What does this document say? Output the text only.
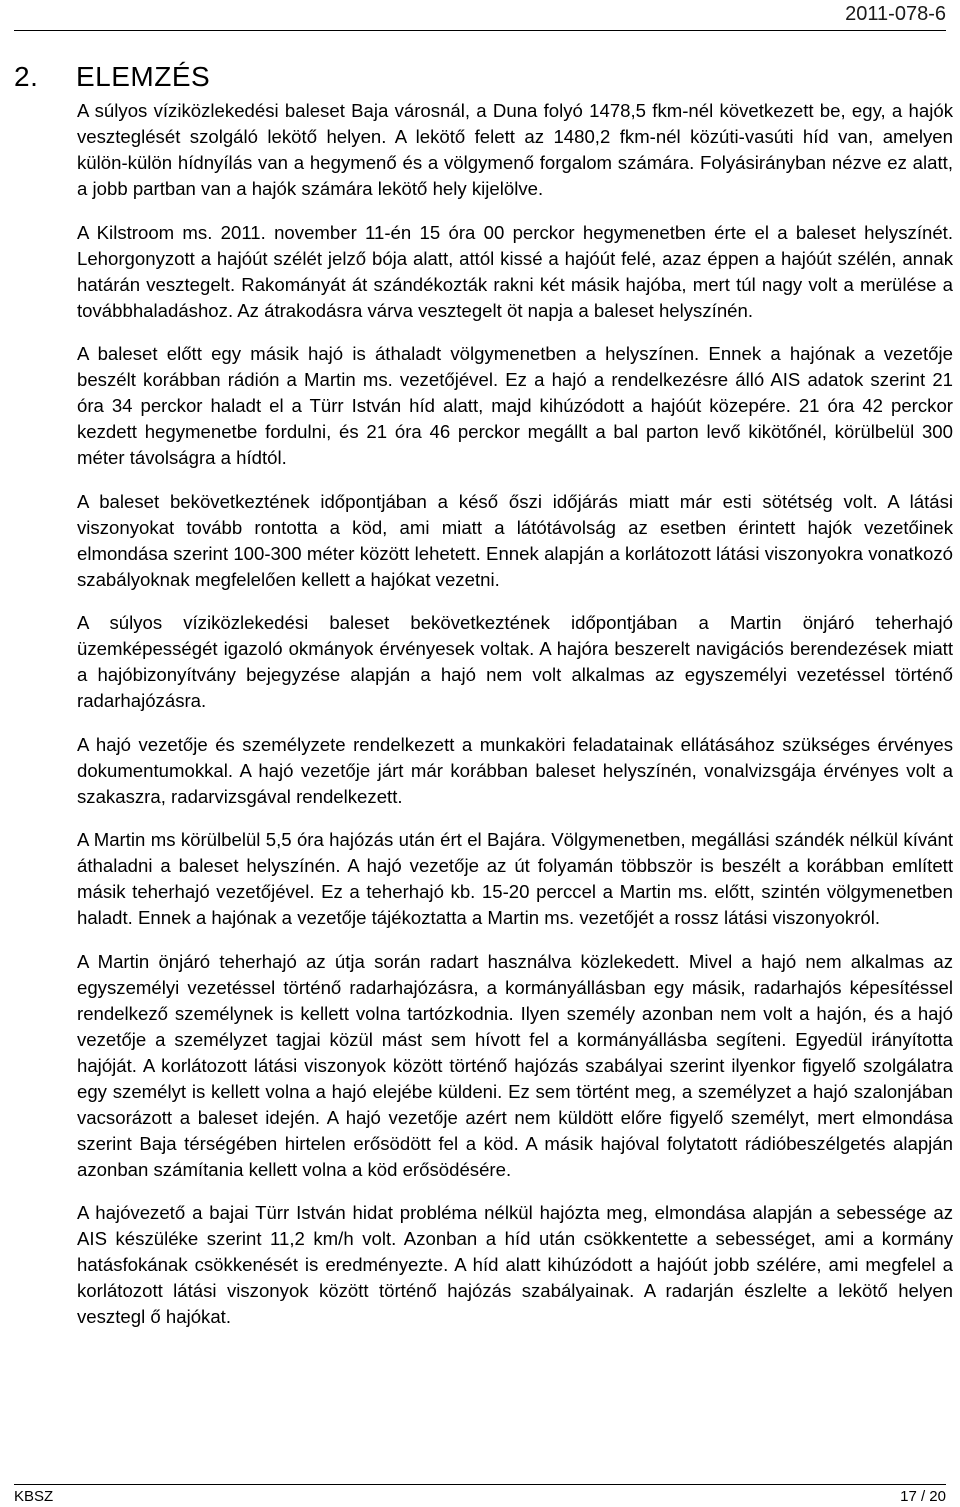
2011-078-6
2. ELEMZÉS

A súlyos víziközlekedési baleset Baja városnál, a Duna folyó 1478,5 fkm-nél következett be, egy, a hajók veszteglését szolgáló lekötő helyen. A lekötő felett az 1480,2 fkm-nél közúti-vasúti híd van, amelyen külön-külön hídnyílás van a hegymenő és a völgymenő forgalom számára. Folyásirányban nézve ez alatt, a jobb partban van a hajók számára lekötő hely kijelölve.

A Kilstroom ms. 2011. november 11-én 15 óra 00 perckor hegymenetben érte el a baleset helyszínét. Lehorgonyzott a hajóút szélét jelző bója alatt, attól kissé a hajóút felé, azaz éppen a hajóút szélén, annak határán vesztegelt. Rakományát át szándékozták rakni két másik hajóba, mert túl nagy volt a merülése a továbbhaladáshoz. Az átrakodásra várva vesztegelt öt napja a baleset helyszínén.

A baleset előtt egy másik hajó is áthaladt völgymenetben a helyszínen. Ennek a hajónak a vezetője beszélt korábban rádión a Martin ms. vezetőjével. Ez a hajó a rendelkezésre álló AIS adatok szerint 21 óra 34 perckor haladt el a Türr István híd alatt, majd kihúzódott a hajóút közepére. 21 óra 42 perckor kezdett hegymenetbe fordulni, és 21 óra 46 perckor megállt a bal parton levő kikötőnél, körülbelül 300 méter távolságra a hídtól.

A baleset bekövetkeztének időpontjában a késő őszi időjárás miatt már esti sötétség volt. A látási viszonyokat tovább rontotta a köd, ami miatt a látótávolság az esetben érintett hajók vezetőinek elmondása szerint 100-300 méter között lehetett. Ennek alapján a korlátozott látási viszonyokra vonatkozó szabályoknak megfelelően kellett a hajókat vezetni.

A súlyos víziközlekedési baleset bekövetkeztének időpontjában a Martin önjáró teherhajó üzemképességét igazoló okmányok érvényesek voltak. A hajóra beszerelt navigációs berendezések miatt a hajóbizonyítvány bejegyzése alapján a hajó nem volt alkalmas az egyszemélyi vezetéssel történő radarhajózásra.

A hajó vezetője és személyzete rendelkezett a munkaköri feladatainak ellátásához szükséges érvényes dokumentumokkal. A hajó vezetője járt már korábban baleset helyszínén, vonalvizsgája érvényes volt a szakaszra, radarvizsgával rendelkezett.

A Martin ms körülbelül 5,5 óra hajózás után ért el Bajára. Völgymenetben, megállási szándék nélkül kívánt áthaladni a baleset helyszínén. A hajó vezetője az út folyamán többször is beszélt a korábban említett másik teherhajó vezetőjével. Ez a teherhajó kb. 15-20 perccel a Martin ms. előtt, szintén völgymenetben haladt. Ennek a hajónak a vezetője tájékoztatta a Martin ms. vezetőjét a rossz látási viszonyokról.

A Martin önjáró teherhajó az útja során radart használva közlekedett. Mivel a hajó nem alkalmas az egyszemélyi vezetéssel történő radarhajózásra, a kormányállásban egy másik, radarhajós képesítéssel rendelkező személynek is kellett volna tartózkodnia. Ilyen személy azonban nem volt a hajón, és a hajó vezetője a személyzet tagjai közül mást sem hívott fel a kormányállásba segíteni. Egyedül irányította hajóját. A korlátozott látási viszonyok között történő hajózás szabályai szerint ilyenkor figyelő szolgálatra egy személyt is kellett volna a hajó elejébe küldeni. Ez sem történt meg, a személyzet a hajó szalonjában vacsorázott a baleset idején. A hajó vezetője azért nem küldött előre figyelő személyt, mert elmondása szerint Baja térségében hirtelen erősödött fel a köd. A másik hajóval folytatott rádióbeszélgetés alapján azonban számítania kellett volna a köd erősödésére.

A hajóvezető a bajai Türr István hidat probléma nélkül hajózta meg, elmondása alapján a sebessége az AIS készüléke szerint 11,2 km/h volt. Azonban a híd után csökkentette a sebességet, ami a kormány hatásfokának csökkenését is eredményezte. A híd alatt kihúzódott a hajóút jobb szélére, ami megfelel a korlátozott látási viszonyok között történő hajózás szabályainak. A radarján észlelte a lekötő helyen vesztegl ő hajókat.

KBSZ	17 / 20
